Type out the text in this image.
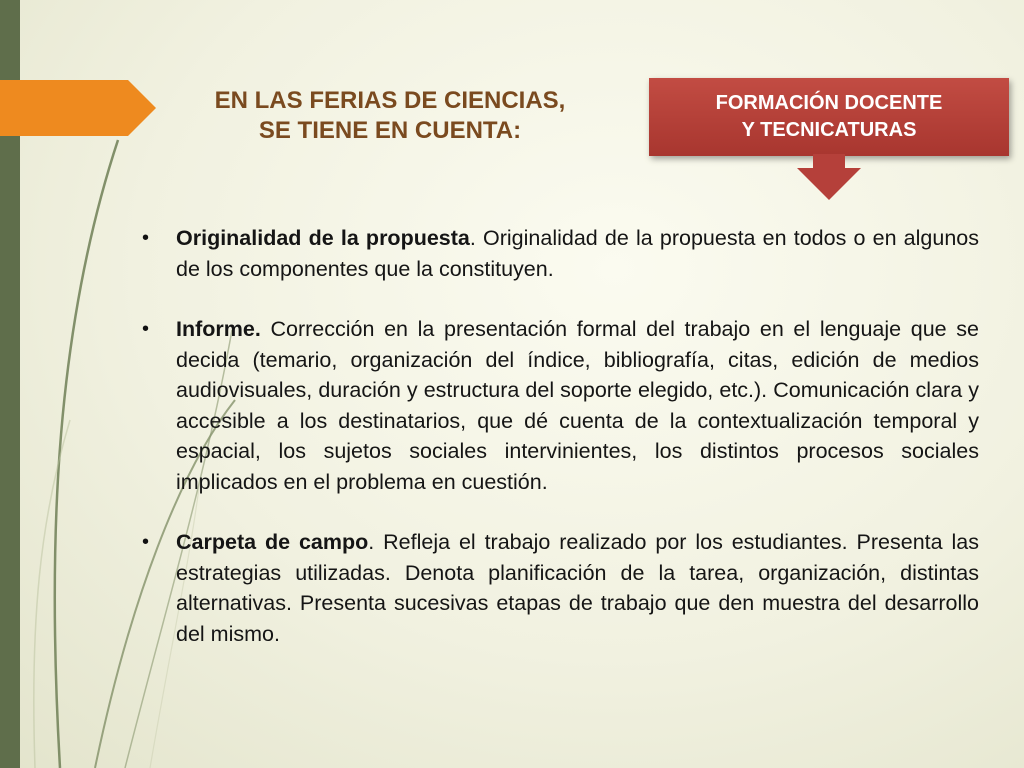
EN LAS FERIAS DE CIENCIAS,
SE TIENE EN CUENTA:
FORMACIÓN DOCENTE
Y TECNICATURAS
• Originalidad de la propuesta. Originalidad de la propuesta en todos o en algunos de los componentes que la constituyen.
• Informe. Corrección en la presentación formal del trabajo en el lenguaje que se decida (temario, organización del índice, bibliografía, citas, edición de medios audiovisuales, duración y estructura del soporte elegido, etc.). Comunicación clara y accesible a los destinatarios, que dé cuenta de la contextualización temporal y espacial, los sujetos sociales intervinientes, los distintos procesos sociales implicados en el problema en cuestión.
• Carpeta de campo. Refleja el trabajo realizado por los estudiantes. Presenta las estrategias utilizadas. Denota planificación de la tarea, organización, distintas alternativas. Presenta sucesivas etapas de trabajo que den muestra del desarrollo del mismo.
